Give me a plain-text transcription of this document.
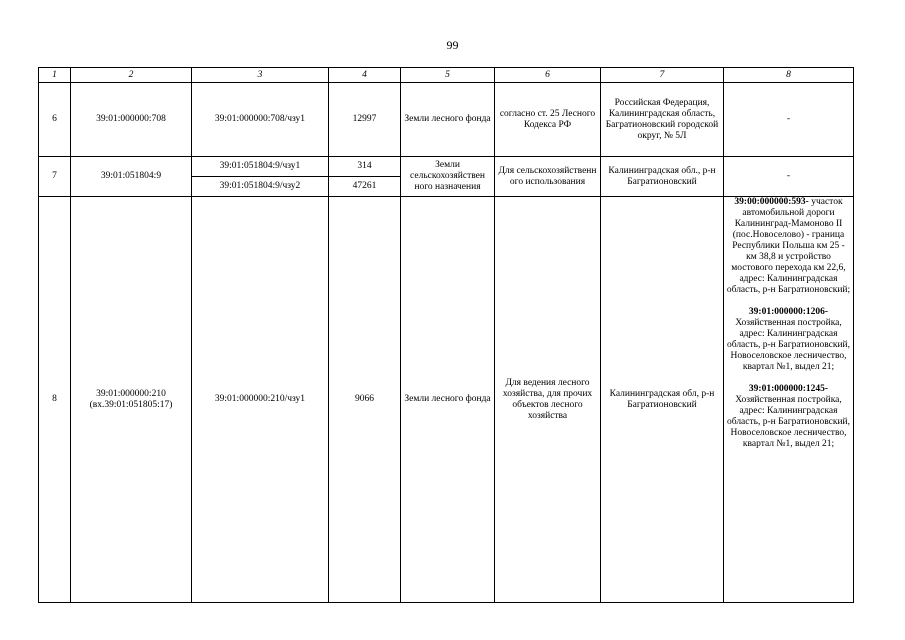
99
1	2	3	4	5	6	7	8
6	39:01:000000:708	39:01:000000:708/чзу1	12997	Земли лесного фонда	согласно ст. 25 Лесного Кодекса РФ	Российская Федерация, Калининградская область, Багратионовский городской округ, № 5Л	-
7	39:01:051804:9	39:01:051804:9/чзу1	314	Земли сельскохозяйствен ного назначения	Для сельскохозяйственн ого использования	Калининградская обл., р-н Багратионовский	-
		39:01:051804:9/чзу2	47261				
8	39:01:000000:210 (вх.39:01:051805:17)	39:01:000000:210/чзу1	9066	Земли лесного фонда	Для ведения лесного хозяйства, для прочих объектов лесного хозяйства	Калининградская обл, р-н Багратионовский	39:00:000000:593- участок автомобильной дороги Калининград-Мамоново II (пос.Новоселово) - граница Республики Польша км 25 - км 38,8 и устройство мостового перехода км 22,6, адрес: Калининградская область, р-н Багратионовский;
39:01:000000:1206- Хозяйственная постройка, адрес: Калининградская область, р-н Багратионовский, Новоселовское лесничество, квартал №1, выдел 21;
39:01:000000:1245- Хозяйственная постройка, адрес: Калининградская область, р-н Багратионовский, Новоселовское лесничество, квартал №1, выдел 21;
